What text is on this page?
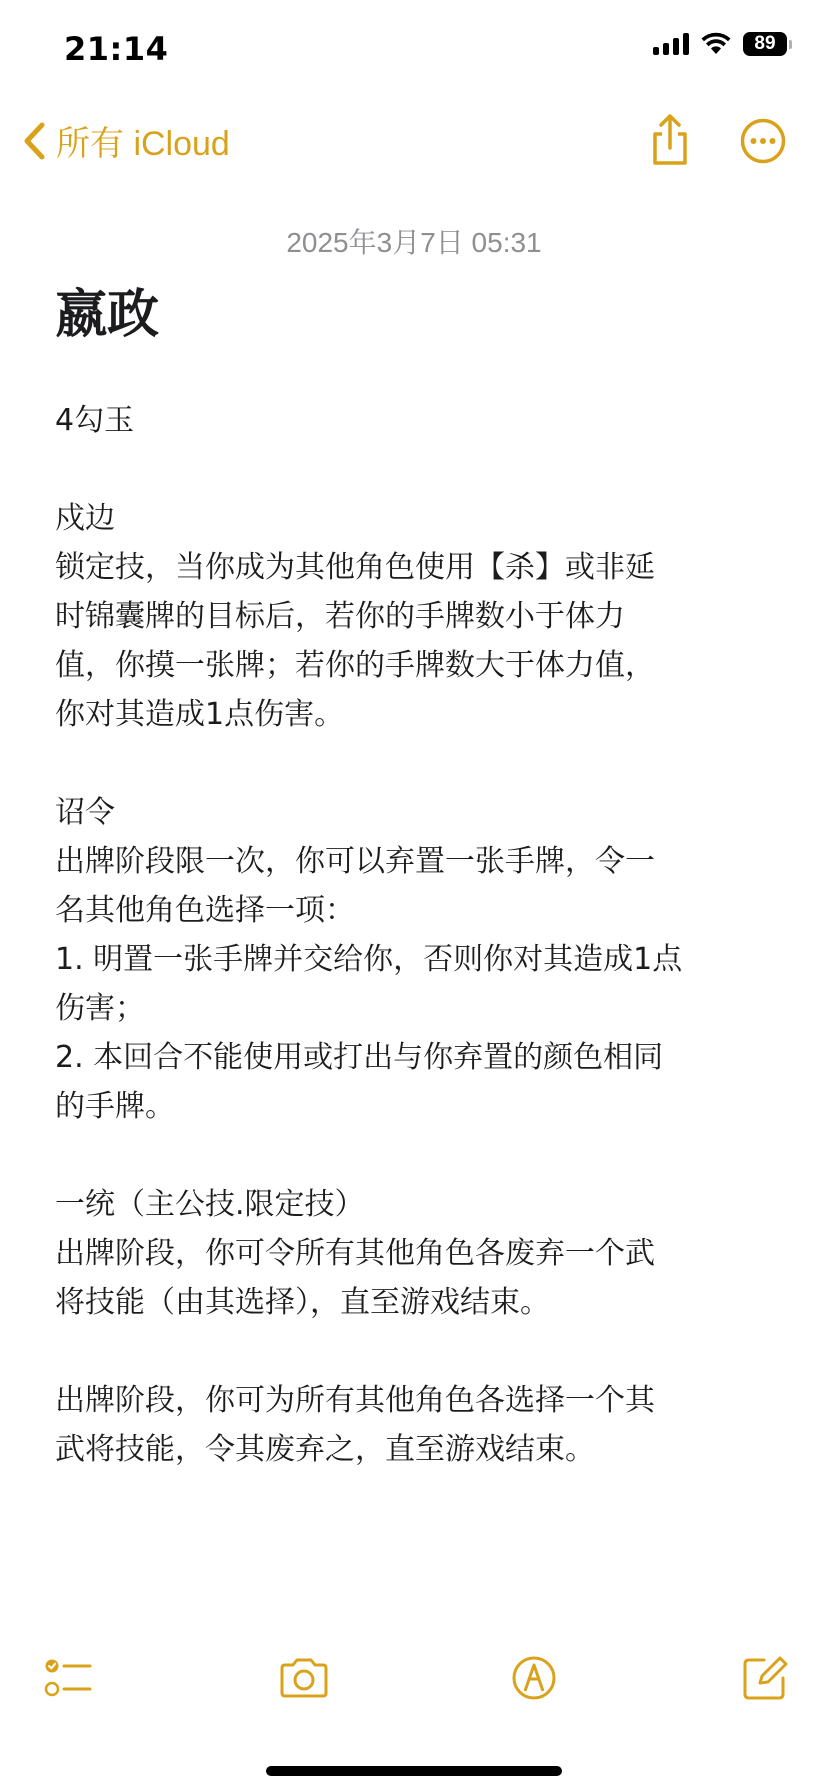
21:14	89
所有 iCloud
2025年3月7日 05:31
嬴政

4勾玉

戍边

锁定技，当你成为其他角色使用【杀】或非延

时锦囊牌的目标后，若你的手牌数小于体力

值，你摸一张牌；若你的手牌数大于体力值，

你对其造成1点伤害。

诏令

出牌阶段限一次，你可以弃置一张手牌，令一

名其他角色选择一项：

1. 明置一张手牌并交给你，否则你对其造成1点

伤害；

2. 本回合不能使用或打出与你弃置的颜色相同

的手牌。

一统（主公技.限定技）

出牌阶段，你可令所有其他角色各废弃一个武

将技能（由其选择），直至游戏结束。

出牌阶段，你可为所有其他角色各选择一个其

武将技能，令其废弃之，直至游戏结束。
